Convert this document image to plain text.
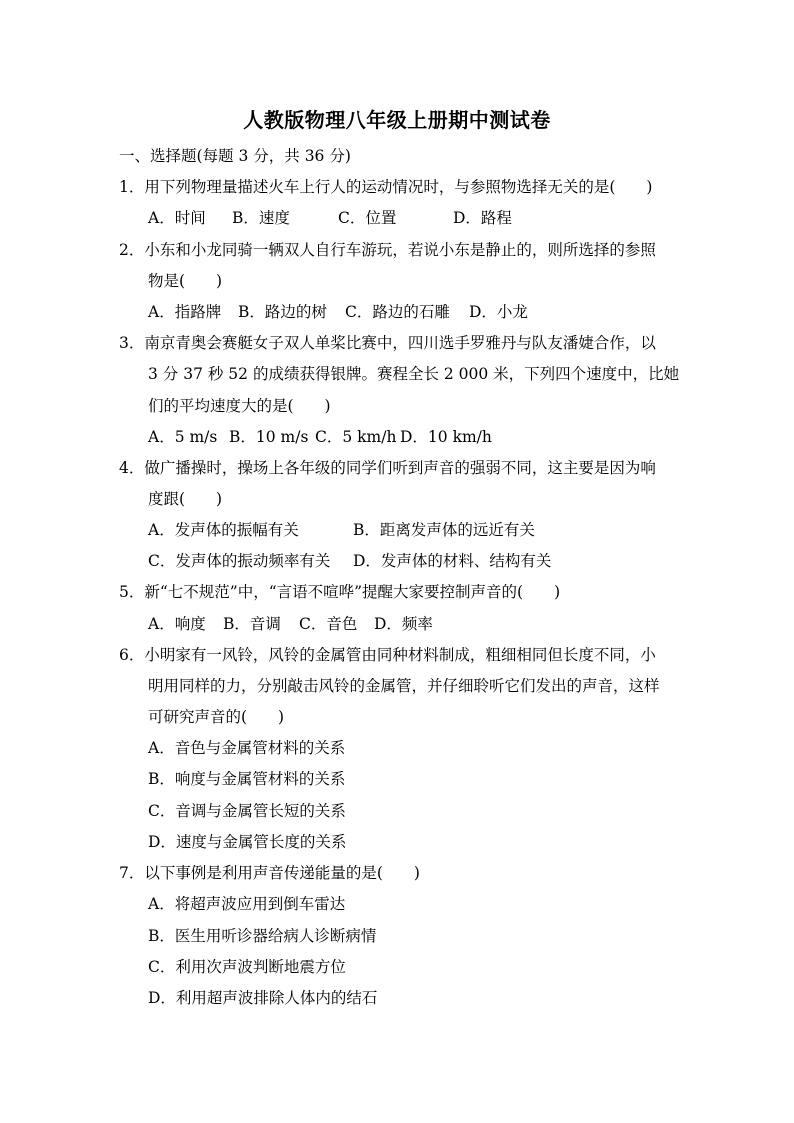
人教版物理八年级上册期中测试卷
一、选择题(每题 3 分，共 36 分)
1．用下列物理量描述火车上行人的运动情况时，与参照物选择无关的是(　　)
A．时间 B．速度	C．位置	D．路程
2．小东和小龙同骑一辆双人自行车游玩，若说小东是静止的，则所选择的参照
物是(　　)
A．指路牌 B．路边的树 C．路边的石雕 D．小龙
3．南京青奥会赛艇女子双人单桨比赛中，四川选手罗雅丹与队友潘婕合作，以
3 分 37 秒 52 的成绩获得银牌。赛程全长 2 000 米，下列四个速度中，比她
们的平均速度大的是(　　)
A．5 m/s B．10 m/s C．5 km/h D．10 km/h
4．做广播操时，操场上各年级的同学们听到声音的强弱不同，这主要是因为响
度跟(　　)
A．发声体的振幅有关	B．距离发声体的远近有关
C．发声体的振动频率有关 D．发声体的材料、结构有关
5．新“七不规范”中，“言语不喧哗”提醒大家要控制声音的(　　)
A．响度 B．音调 C．音色 D．频率
6．小明家有一风铃，风铃的金属管由同种材料制成，粗细相同但长度不同，小
明用同样的力，分别敲击风铃的金属管，并仔细聆听它们发出的声音，这样
可研究声音的(　　)
A．音色与金属管材料的关系
B．响度与金属管材料的关系
C．音调与金属管长短的关系
D．速度与金属管长度的关系
7．以下事例是利用声音传递能量的是(　　)
A．将超声波应用到倒车雷达
B．医生用听诊器给病人诊断病情
C．利用次声波判断地震方位
D．利用超声波排除人体内的结石
